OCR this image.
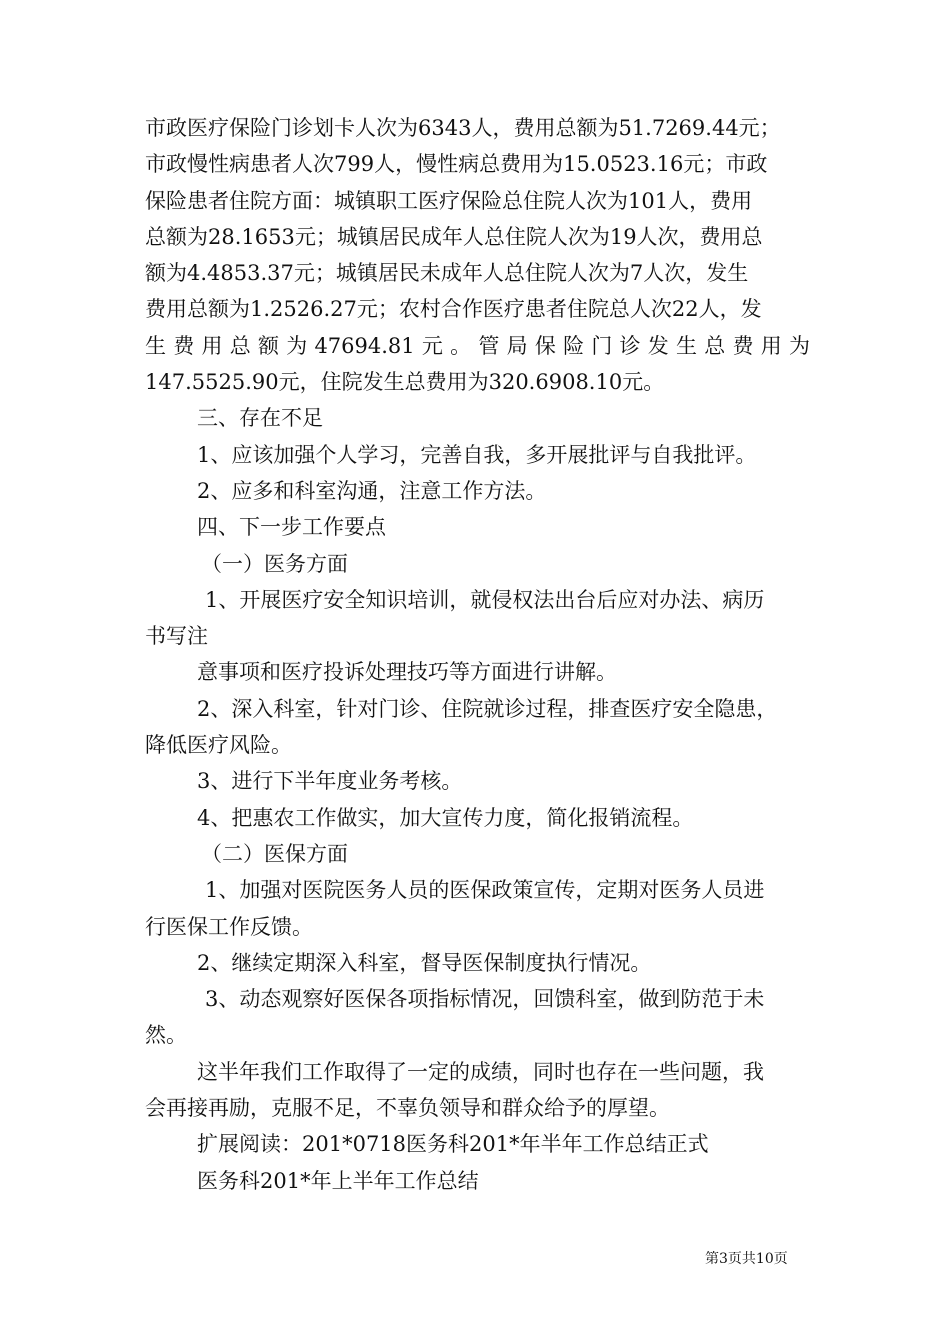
市政医疗保险门诊划卡人次为6343人，费用总额为51.7269.44元；
市政慢性病患者人次799人，慢性病总费用为15.0523.16元；市政
保险患者住院方面：城镇职工医疗保险总住院人次为101人，费用
总额为28.1653元；城镇居民成年人总住院人次为19人次，费用总
额为4.4853.37元；城镇居民未成年人总住院人次为7人次，发生
费用总额为1.2526.27元；农村合作医疗患者住院总人次22人，发
生费用总额为47694.81元。管局保险门诊发生总费用为
147.5525.90元，住院发生总费用为320.6908.10元。
三、存在不足
1、应该加强个人学习，完善自我，多开展批评与自我批评。
2、应多和科室沟通，注意工作方法。
四、下一步工作要点
（一）医务方面
1、开展医疗安全知识培训，就侵权法出台后应对办法、病历
书写注
意事项和医疗投诉处理技巧等方面进行讲解。
2、深入科室，针对门诊、住院就诊过程，排查医疗安全隐患，
降低医疗风险。
3、进行下半年度业务考核。
4、把惠农工作做实，加大宣传力度，简化报销流程。
（二）医保方面
1、加强对医院医务人员的医保政策宣传，定期对医务人员进
行医保工作反馈。
2、继续定期深入科室，督导医保制度执行情况。
3、动态观察好医保各项指标情况，回馈科室，做到防范于未
然。
这半年我们工作取得了一定的成绩，同时也存在一些问题，我
会再接再励，克服不足，不辜负领导和群众给予的厚望。
扩展阅读：201*0718医务科201*年半年工作总结正式
医务科201*年上半年工作总结
第3页共10页
